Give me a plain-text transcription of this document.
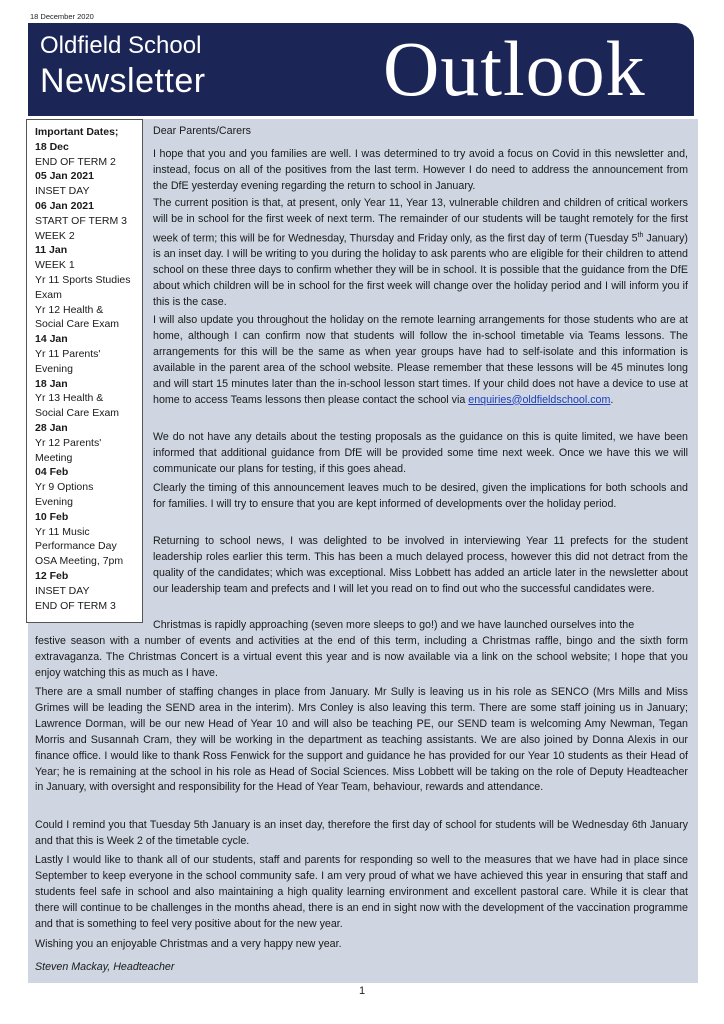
18 December 2020
Oldfield School
Newsletter Outlook
Important Dates;
18 Dec
END OF TERM 2
05 Jan 2021
INSET DAY
06 Jan 2021
START OF TERM 3
WEEK 2
11 Jan
WEEK 1
Yr 11 Sports Studies
Exam
Yr 12 Health &
Social Care Exam
14 Jan
Yr 11 Parents'
Evening
18 Jan
Yr 13 Health &
Social Care Exam
28 Jan
Yr 12 Parents'
Meeting
04 Feb
Yr 9 Options
Evening
10 Feb
Yr 11 Music
Performance Day
OSA Meeting, 7pm
12 Feb
INSET DAY
END OF TERM 3
Dear Parents/Carers
I hope that you and you families are well. I was determined to try avoid a focus on Covid in this newsletter and, instead, focus on all of the positives from the last term. However I do need to address the announcement from the DfE yesterday evening regarding the return to school in January.
The current position is that, at present, only Year 11, Year 13, vulnerable children and children of critical workers will be in school for the first week of next term. The remainder of our students will be taught remotely for the first week of term; this will be for Wednesday, Thursday and Friday only, as the first day of term (Tuesday 5th January) is an inset day. I will be writing to you during the holiday to ask parents who are eligible for their children to attend school on these three days to confirm whether they will be in school. It is possible that the guidance from the DfE about which children will be in school for the first week will change over the holiday period and I will inform you if this is the case.
I will also update you throughout the holiday on the remote learning arrangements for those students who are at home, although I can confirm now that students will follow the in-school timetable via Teams lessons. The arrangements for this will be the same as when year groups have had to self-isolate and this information is available in the parent area of the school website. Please remember that these lessons will be 45 minutes long and will start 15 minutes later than the in-school lesson start times. If your child does not have a device to use at home to access Teams lessons then please contact the school via enquiries@oldfieldschool.com.
We do not have any details about the testing proposals as the guidance on this is quite limited, we have been informed that additional guidance from DfE will be provided some time next week. Once we have this we will communicate our plans for testing, if this goes ahead.
Clearly the timing of this announcement leaves much to be desired, given the implications for both schools and for families. I will try to ensure that you are kept informed of developments over the holiday period.
Returning to school news, I was delighted to be involved in interviewing Year 11 prefects for the student leadership roles earlier this term. This has been a much delayed process, however this did not detract from the quality of the candidates; which was exceptional. Miss Lobbett has added an article later in the newsletter about our leadership team and prefects and I will let you read on to find out who the successful candidates were.
Christmas is rapidly approaching (seven more sleeps to go!) and we have launched ourselves into the
festive season with a number of events and activities at the end of this term, including a Christmas raffle, bingo and the sixth form extravaganza. The Christmas Concert is a virtual event this year and is now available via a link on the school website; I hope that you enjoy watching this as much as I have.
There are a small number of staffing changes in place from January. Mr Sully is leaving us in his role as SENCO (Mrs Mills and Miss Grimes will be leading the SEND area in the interim). Mrs Conley is also leaving this term. There are some staff joining us in January; Lawrence Dorman, will be our new Head of Year 10 and will also be teaching PE, our SEND team is welcoming Amy Newman, Tegan Morris and Susannah Cram, they will be working in the department as teaching assistants. We are also joined by Donna Alexis in our finance office. I would like to thank Ross Fenwick for the support and guidance he has provided for our Year 10 students as their Head of Year; he is remaining at the school in his role as Head of Social Sciences. Miss Lobbett will be taking on the role of Deputy Headteacher in January, with oversight and responsibility for the Head of Year Team, behaviour, rewards and attendance.
Could I remind you that Tuesday 5th January is an inset day, therefore the first day of school for students will be Wednesday 6th January and that this is Week 2 of the timetable cycle.
Lastly I would like to thank all of our students, staff and parents for responding so well to the measures that we have had in place since September to keep everyone in the school community safe. I am very proud of what we have achieved this year in ensuring that staff and students feel safe in school and also maintaining a high quality learning environment and excellent pastoral care. While it is clear that there will continue to be challenges in the months ahead, there is an end in sight now with the development of the vaccination programme and that is something to feel very positive about for the new year.
Wishing you an enjoyable Christmas and a very happy new year.
Steven Mackay, Headteacher
1
